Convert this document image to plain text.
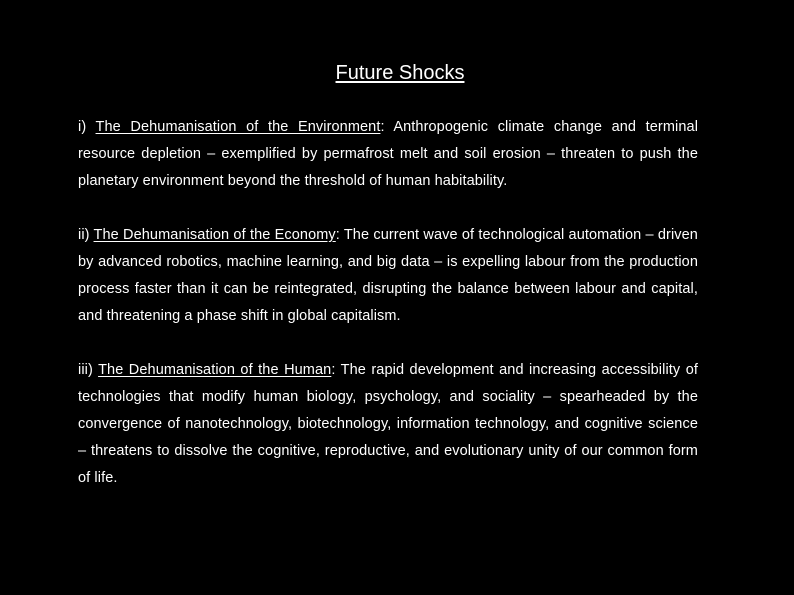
Future Shocks

i) The Dehumanisation of the Environment: Anthropogenic climate change and terminal resource depletion – exemplified by permafrost melt and soil erosion – threaten to push the planetary environment beyond the threshold of human habitability.

ii) The Dehumanisation of the Economy: The current wave of technological automation – driven by advanced robotics, machine learning, and big data – is expelling labour from the production process faster than it can be reintegrated, disrupting the balance between labour and capital, and threatening a phase shift in global capitalism.

iii) The Dehumanisation of the Human: The rapid development and increasing accessibility of technologies that modify human biology, psychology, and sociality – spearheaded by the convergence of nanotechnology, biotechnology, information technology, and cognitive science – threatens to dissolve the cognitive, reproductive, and evolutionary unity of our common form of life.
